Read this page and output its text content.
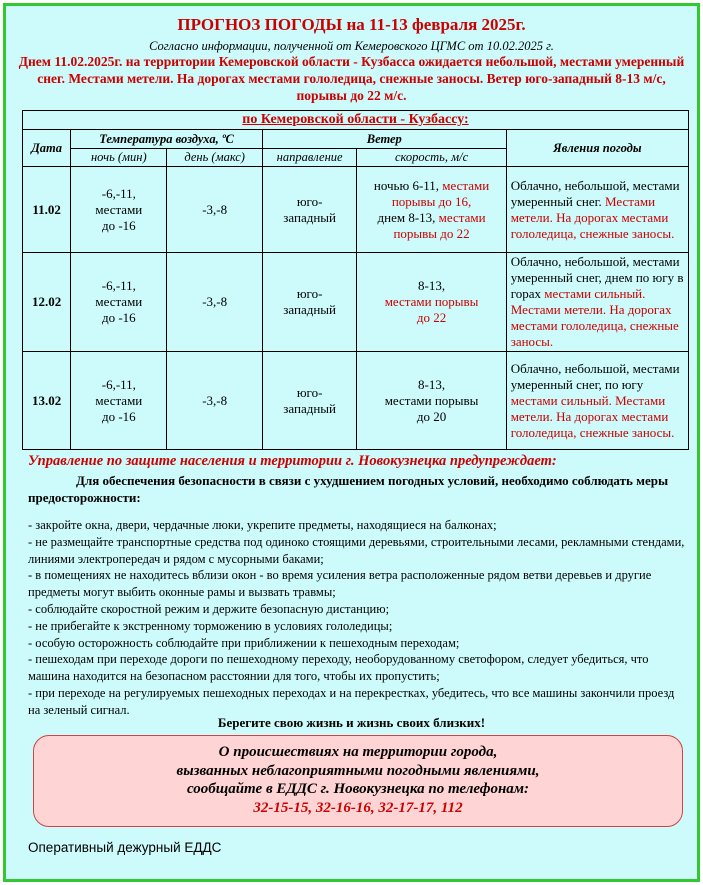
ПРОГНОЗ ПОГОДЫ на 11-13 февраля 2025г.
Согласно информации, полученной от Кемеровского ЦГМС от 10.02.2025 г.
Днем 11.02.2025г. на территории Кемеровской области - Кузбасса ожидается небольшой, местами умеренный снег. Местами метели. На дорогах местами гололедица, снежные заносы. Ветер юго-западный 8-13 м/с, порывы до 22 м/с.
по Кемеровской области - Кузбассу:
Дата	Температура воздуха, ºС		Ветер		Явления погоды
	ночь (мин)	день (макс)	направление	скорость, м/с	
11.02	-6,-11,
местами
до -16	-3,-8	юго-
западный	ночью 6-11, местами порывы до 16,
днем 8-13, местами порывы до 22	Облачно, небольшой, местами умеренный снег. Местами метели. На дорогах местами гололедица, снежные заносы.
12.02	-6,-11,
местами
до -16	-3,-8	юго-
западный	8-13,
местами порывы
до 22	Облачно, небольшой, местами умеренный снег, днем по югу в горах местами сильный. Местами метели. На дорогах местами гололедица, снежные заносы.
13.02	-6,-11,
местами
до -16	-3,-8	юго-
западный	8-13,
местами порывы
до 20	Облачно, небольшой, местами умеренный снег, по югу местами сильный. Местами метели. На дорогах местами гололедица, снежные заносы.
Управление по защите населения и территории г. Новокузнецка предупреждает:
Для обеспечения безопасности в связи с ухудшением погодных условий, необходимо соблюдать меры предосторожности:
- закройте окна, двери, чердачные люки, укрепите предметы, находящиеся на балконах;
- не размещайте транспортные средства под одиноко стоящими деревьями, строительными лесами, рекламными стендами, линиями электропередач и рядом с мусорными баками;
- в помещениях не находитесь вблизи окон - во время усиления ветра расположенные рядом ветви деревьев и другие предметы могут выбить оконные рамы и вызвать травмы;
- соблюдайте скоростной режим и держите безопасную дистанцию;
- не прибегайте к экстренному торможению в условиях гололедицы;
- особую осторожность соблюдайте при приближении к пешеходным переходам;
- пешеходам при переходе дороги по пешеходному переходу, необорудованному светофором, следует убедиться, что машина находится на безопасном расстоянии для того, чтобы их пропустить;
- при переходе на регулируемых пешеходных переходах и на перекрестках, убедитесь, что все машины закончили проезд на зеленый сигнал.
Берегите свою жизнь и жизнь своих близких!
О происшествиях на территории города,
вызванных неблагоприятными погодными явлениями,
сообщайте в ЕДДС г. Новокузнецка по телефонам:
32-15-15, 32-16-16, 32-17-17, 112
Оперативный дежурный ЕДДС
